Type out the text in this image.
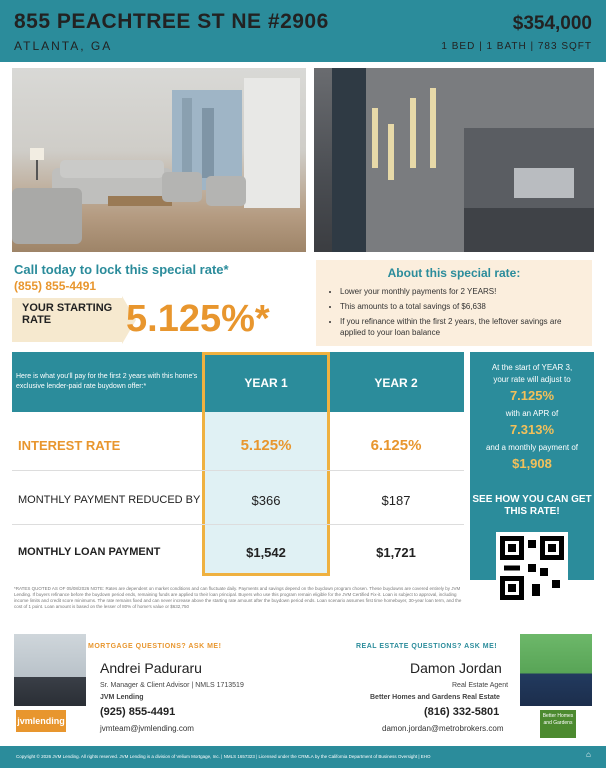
855 PEACHTREE ST NE #2906
ATLANTA, GA
$354,000
1 BED | 1 BATH | 783 SQFT
Call today to lock this special rate*
(855) 855-4491
YOUR STARTING RATE	5.125%*
About this special rate:
• Lower your monthly payments for 2 YEARS!
• This amounts to a total savings of $6,638
• If you refinance within the first 2 years, the leftover savings are applied to your loan balance
Here is what you'll pay for the first 2 years with this home's exclusive lender-paid rate buydown offer:*	YEAR 1	YEAR 2
INTEREST RATE	5.125%	6.125%
MONTHLY PAYMENT REDUCED BY	$366	$187
MONTHLY LOAN PAYMENT	$1,542	$1,721
At the start of YEAR 3,
your rate will adjust to
7.125%
with an APR of
7.313%
and a monthly payment of
$1,908
SEE HOW YOU CAN GET THIS RATE!
*RATES QUOTED AS OF 05/08/2026 NOTE: Rates are dependent on market conditions and can fluctuate daily. Payments and savings depend on the buydown program chosen. These buydowns are covered entirely by JVM Lending. If buyers refinance before the buydown period ends, remaining funds are applied to their loan principal. Buyers who use this program remain eligible for the JVM Certified Fix-it. Loan is subject to approval, including income limits and credit score minimums. The rate remains fixed and can never increase above the starting rate amount after the buydown period ends. Loan scenario assumes first time homebuyer, 30-year loan term, and the cost of 1 point. Loan amount is based on the lesser of 80% of home's value or $632,750
jvmlending
MORTGAGE QUESTIONS? ASK ME!
Andrei Paduraru
Sr. Manager & Client Advisor | NMLS 1713519
JVM Lending
(925) 855-4491
jvmteam@jvmlending.com
Better Homes and Gardens
REAL ESTATE QUESTIONS? ASK ME!
Damon Jordan
Real Estate Agent
Better Homes and Gardens Real Estate
(816) 332-5801
damon.jordan@metrobrokers.com
Copyright © 2026 JVM Lending. All rights reserved. JVM Lending is a division of Velium Mortgage, Inc. | NMLS 1657323 | Licensed under the CRMLA by the California Department of Business Oversight | EHO	⌂
